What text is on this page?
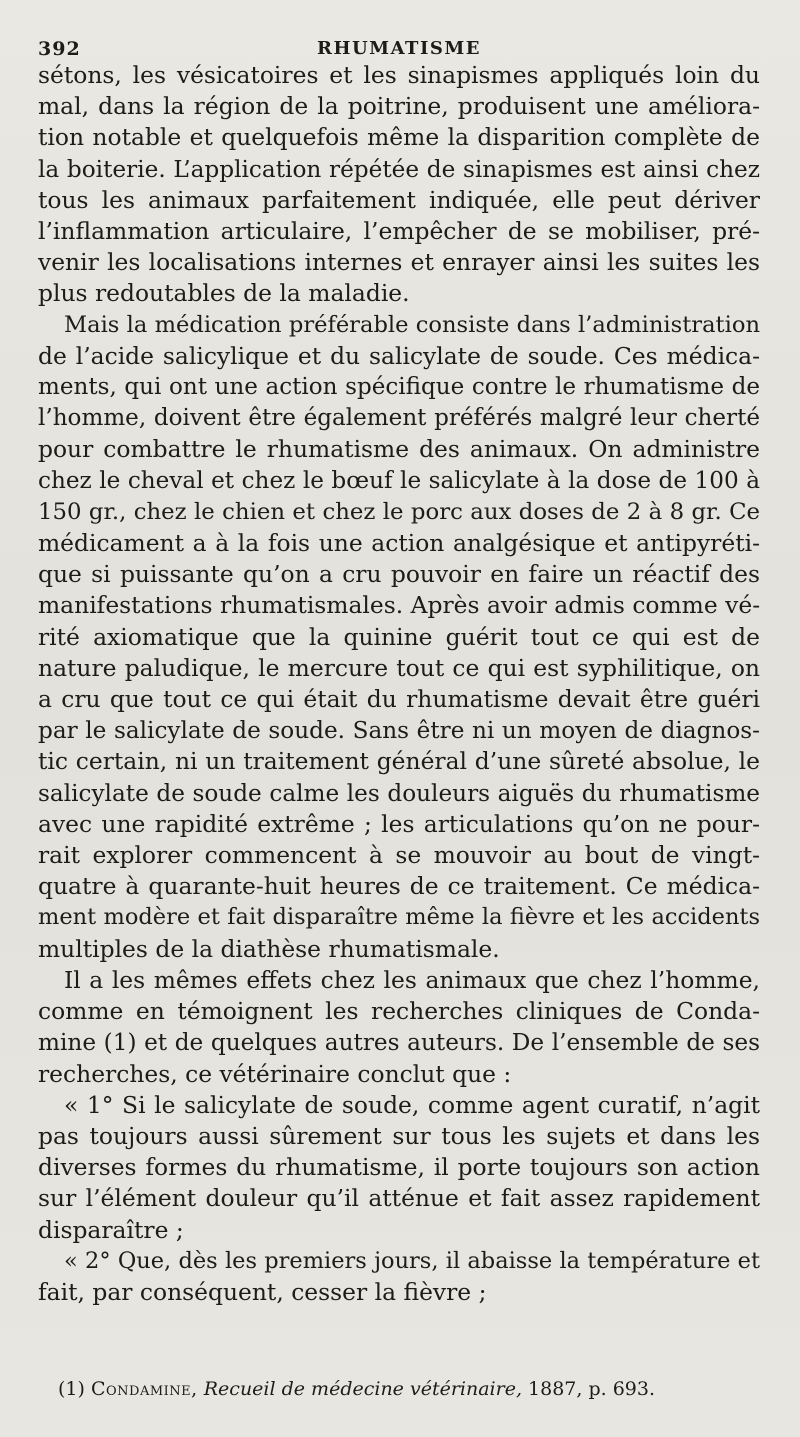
392	RHUMATISME

sétons, les vésicatoires et les sinapismes appliqués loin du
mal, dans la région de la poitrine, produisent une améliora-
tion notable et quelquefois même la disparition complète de
la boiterie. L’application répétée de sinapismes est ainsi chez
tous les animaux parfaitement indiquée, elle peut dériver
l’inflammation articulaire, l’empêcher de se mobiliser, pré-
venir les localisations internes et enrayer ainsi les suites les
plus redoutables de la maladie.

Mais la médication préférable consiste dans l’administration
de l’acide salicylique et du salicylate de soude. Ces médica-
ments, qui ont une action spécifique contre le rhumatisme de
l’homme, doivent être également préférés malgré leur cherté
pour combattre le rhumatisme des animaux. On administre
chez le cheval et chez le bœuf le salicylate à la dose de 100 à
150 gr., chez le chien et chez le porc aux doses de 2 à 8 gr. Ce
médicament a à la fois une action analgésique et antipyréti-
que si puissante qu’on a cru pouvoir en faire un réactif des
manifestations rhumatismales. Après avoir admis comme vé-
rité axiomatique que la quinine guérit tout ce qui est de
nature paludique, le mercure tout ce qui est syphilitique, on
a cru que tout ce qui était du rhumatisme devait être guéri
par le salicylate de soude. Sans être ni un moyen de diagnos-
tic certain, ni un traitement général d’une sûreté absolue, le
salicylate de soude calme les douleurs aiguës du rhumatisme
avec une rapidité extrême ; les articulations qu’on ne pour-
rait explorer commencent à se mouvoir au bout de vingt-
quatre à quarante-huit heures de ce traitement. Ce médica-
ment modère et fait disparaître même la fièvre et les accidents
multiples de la diathèse rhumatismale.

Il a les mêmes effets chez les animaux que chez l’homme,
comme en témoignent les recherches cliniques de Conda-
mine (1) et de quelques autres auteurs. De l’ensemble de ses
recherches, ce vétérinaire conclut que :

« 1° Si le salicylate de soude, comme agent curatif, n’agit
pas toujours aussi sûrement sur tous les sujets et dans les
diverses formes du rhumatisme, il porte toujours son action
sur l’élément douleur qu’il atténue et fait assez rapidement
disparaître ;

« 2° Que, dès les premiers jours, il abaisse la température et
fait, par conséquent, cesser la fièvre ;

(1) Condamine, Recueil de médecine vétérinaire, 1887, p. 693.
